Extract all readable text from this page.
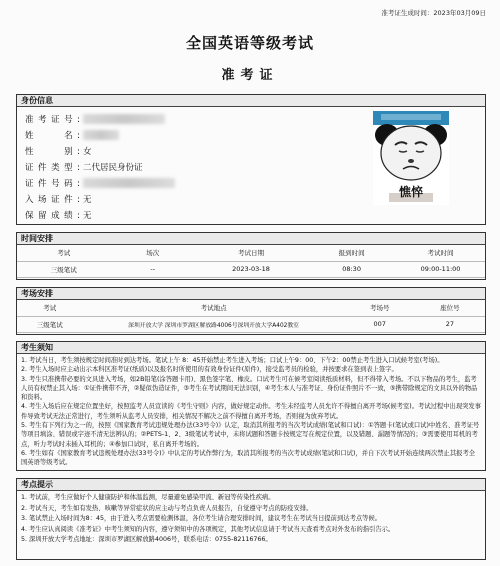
准考证生成时间：2023年03月09日
全国英语等级考试
准考证
身份信息
准考证号:
姓　　名:
性　　别: 女
证件类型: 二代居民身份证
证件号码:
入场证件: 无
保留成绩: 无
憔悴
时间安排
考试	场次	考试日期	报到时间	考试时间
三级笔试	--	2023-03-18	08:30	09:00-11:00
考场安排
考试	考试地点	考场号	座位号
三级笔试	深圳开放大学 深圳市罗湖区解放路4006号深圳开放大学A402教室	007	27
考生须知

1. 考试当日，考生须按规定时间准时到达考场。笔试上午 8：45开始禁止考生进入考场；口试上午9：00、下午2：00禁止考生进入口试候考室(考场)。

2. 考生入场时应主动出示本科区准考证(纸质)以及报名时所使用的有效身份证件(原件)，接受监考员的检验，并按要求在签到表上签字。

3. 考生只准携带必要的文具进入考场，如2B铅笔(涂答题卡用)、黑色签字笔、橡皮。口试考生可在候考室阅读纸质材料，但不得带入考场。不以下物品的考生，监考人员有权禁止其入场：①证件携带不齐，②疑似伪造证件，③考生在考试期间无法识别，④考生本人与准考证、身份证件照片不一致，⑤携带除规定的文具以外的物品和资料。

4. 考生入场后应在规定位置坐好，按照监考人员宣读的《考生守则》内容，做好规定动作。考生未经监考人员允许不得擅自离开考场(候考室)。考试过程中出现突发事件导致考试无法正常进行，考生须听从监考人员安排，相关情况不解决之前不得擅自离开考场，否则视为放弃考试。

5. 考生有下列行为之一的，按照《国家教育考试违规处理办法(33号令)》认定，取消其所报考的当次考试成绩(笔试和口试)：①答题卡(笔试或口试)中姓名、准考证号等项目填涂、错误或字迹不清无法辨认的；②PETS-1、2、3级笔试考试中，未将试题和答题卡按规定写在规定位置，以及错题、漏题等情况的；③需要使用耳机的考点，听力考试时未插入耳机的；④参加口试时，私自离开考场的。

6. 考生如有《国家教育考试违规处理办法(33号令)》中认定的考试作弊行为，取消其所报考的当次考试成绩(笔试和口试)，并自下次考试开始连续两次禁止其报考全国英语等级考试。

考点提示

1. 考试前，考生应做好个人健康防护和体温监测，尽量避免感染甲流、新冠等传染性疾病。

2. 考试当天，考生如有发热、咳嗽等异常症状的应主动与考点负责人员报告，自觉遵守考点的防疫安排。

3. 笔试禁止入场时间为8：45，由于进入考点需要检测体温，各位考生请合理安排时间，建议考生在考试当日提前到达考点等候。

4. 考生应认真阅读《准考证》中考生须知的内容，遵守须知中的各项规定，其他考试信息请于考试当天查看考点对外发布的指引告示。

5. 深圳开放大学考点地址：深圳市罗湖区解放路4006号，联系电话：0755-82116766。
